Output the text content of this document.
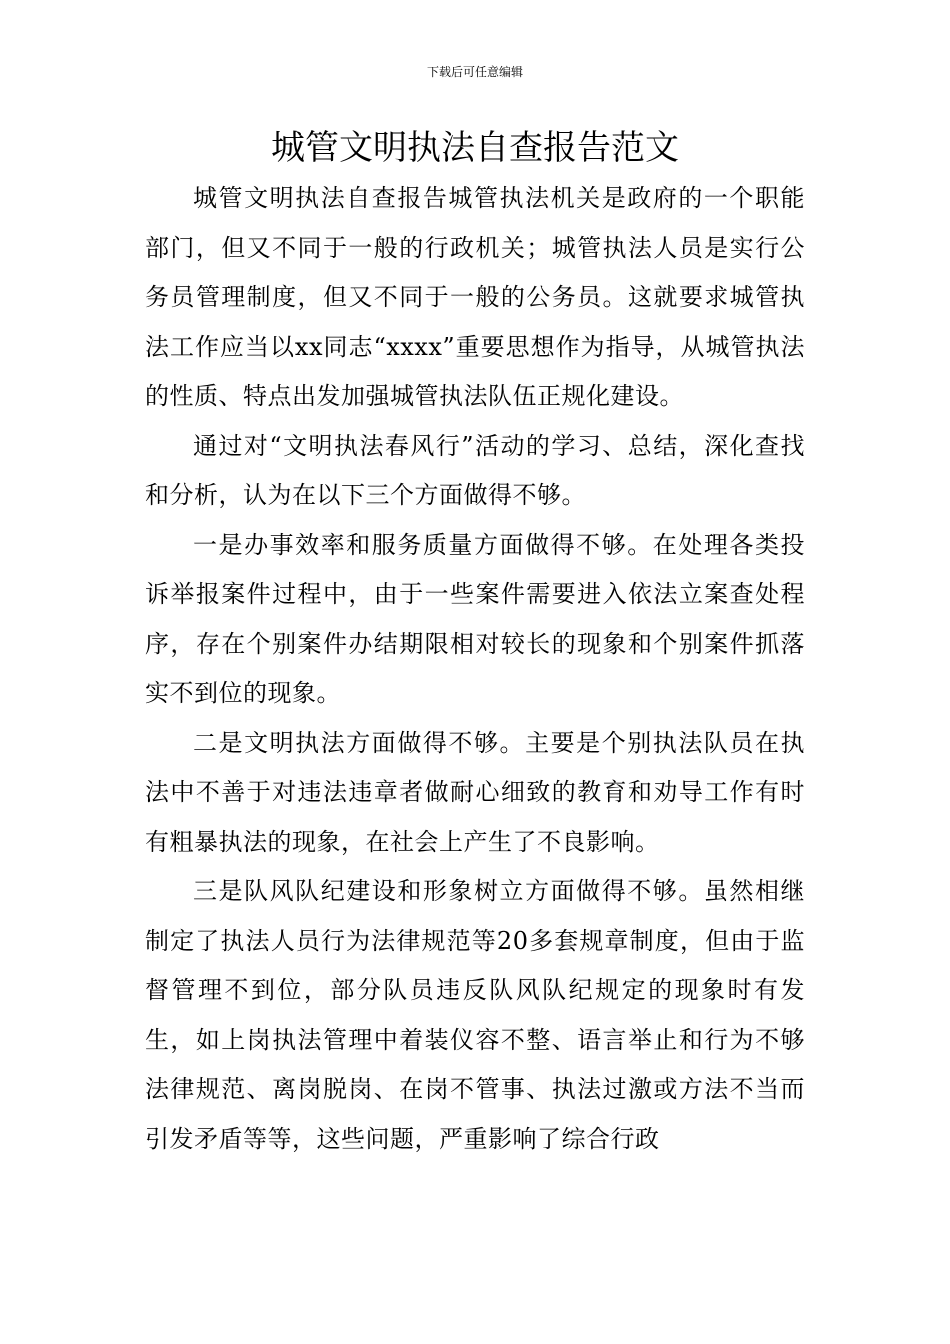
下载后可任意编辑
城管文明执法自查报告范文

城管文明执法自查报告城管执法机关是政府的一个职能部门，但又不同于一般的行政机关；城管执法人员是实行公务员管理制度，但又不同于一般的公务员。这就要求城管执法工作应当以xx同志“xxxx”重要思想作为指导，从城管执法的性质、特点出发加强城管执法队伍正规化建设。

通过对“文明执法春风行”活动的学习、总结，深化查找和分析，认为在以下三个方面做得不够。

一是办事效率和服务质量方面做得不够。在处理各类投诉举报案件过程中，由于一些案件需要进入依法立案查处程序，存在个别案件办结期限相对较长的现象和个别案件抓落实不到位的现象。

二是文明执法方面做得不够。主要是个别执法队员在执法中不善于对违法违章者做耐心细致的教育和劝导工作有时有粗暴执法的现象，在社会上产生了不良影响。

三是队风队纪建设和形象树立方面做得不够。虽然相继制定了执法人员行为法律规范等20多套规章制度，但由于监督管理不到位，部分队员违反队风队纪规定的现象时有发生，如上岗执法管理中着装仪容不整、语言举止和行为不够法律规范、离岗脱岗、在岗不管事、执法过激或方法不当而引发矛盾等等，这些问题，严重影响了综合行政
